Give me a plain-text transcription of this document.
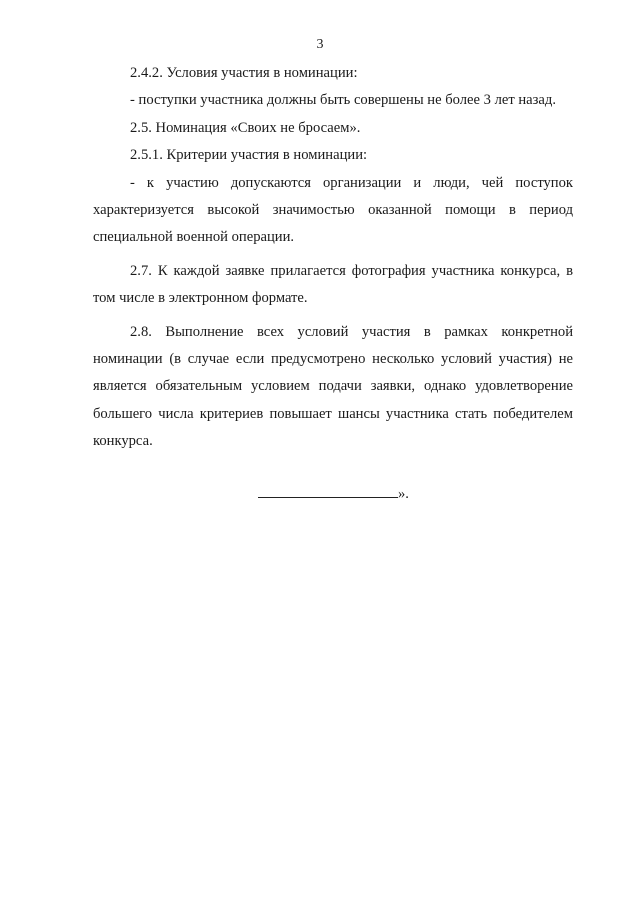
3

2.4.2. Условия участия в номинации:

- поступки участника должны быть совершены не более 3 лет назад.

2.5. Номинация «Своих не бросаем».

2.5.1. Критерии участия в номинации:

- к участию допускаются организации и люди, чей поступок характеризуется высокой значимостью оказанной помощи в период специальной военной операции.

2.7. К каждой заявке прилагается фотография участника конкурса, в том числе в электронном формате.

2.8. Выполнение всех условий участия в рамках конкретной номинации (в случае если предусмотрено несколько условий участия) не является обязательным условием подачи заявки, однако удовлетворение большего числа критериев повышает шансы участника стать победителем конкурса.

».
